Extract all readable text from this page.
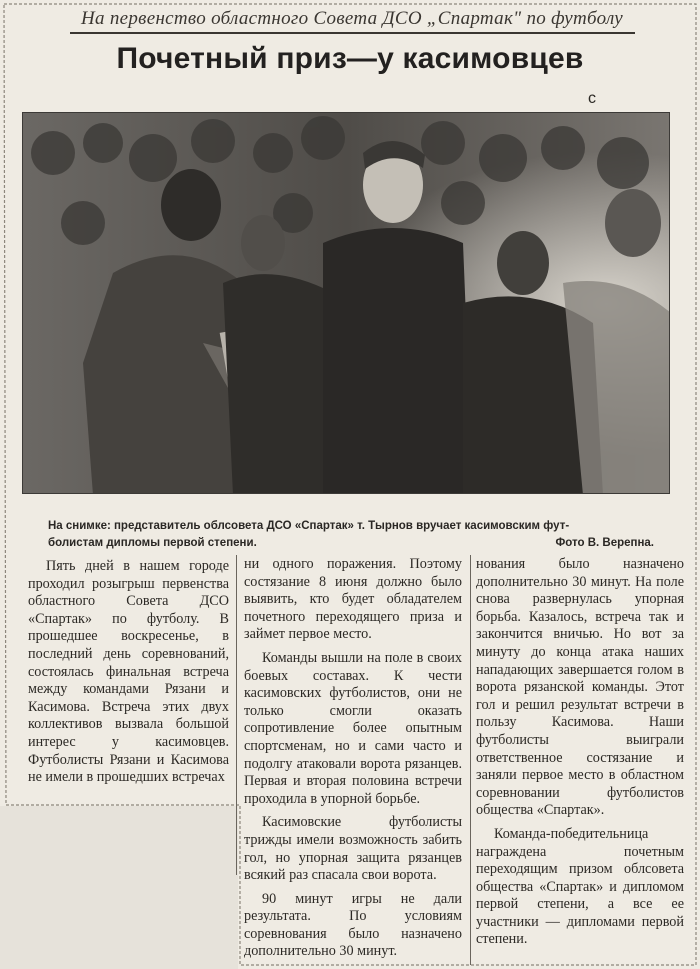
На первенство областного Совета ДСО „Спартак" по футболу
Почетный приз—у касимовцев
с
На снимке: представитель облсовета ДСО «Спартак» т. Тырнов вручает касимовским фут-
болистам дипломы первой степени.	Фото В. Верепна.

Пять дней в нашем городе проходил розыгрыш первенства областного Совета ДСО «Спартак» по футболу. В прошедшее воскресенье, в последний день соревнований, состоялась финальная встреча между командами Рязани и Касимова. Встреча этих двух коллективов вызвала большой интерес у касимовцев. Футболисты Рязани и Касимова не имели в прошедших встречах

ни одного поражения. Поэтому состязание 8 июня должно было выявить, кто будет обладателем почетного переходящего приза и займет первое место.

Команды вышли на поле в своих боевых составах. К чести касимовских футболистов, они не только смогли оказать сопротивление более опытным спортсменам, но и сами часто и подолгу атаковали ворота рязанцев. Первая и вторая половина встречи проходила в упорной борьбе.

Касимовские футболисты трижды имели возможность забить гол, но упорная защита рязанцев всякий раз спасала свои ворота.

90 минут игры не дали результата. По условиям соревнования было назначено дополнительно 30 минут.

нования было назначено дополнительно 30 минут. На поле снова развернулась упорная борьба. Казалось, встреча так и закончится вничью. Но вот за минуту до конца атака наших нападающих завершается голом в ворота рязанской команды. Этот гол и решил результат встречи в пользу Касимова. Наши футболисты выиграли ответственное состязание и заняли первое место в областном соревновании футболистов общества «Спартак».

Команда-победительница награждена почетным переходящим призом облсовета общества «Спартак» и дипломом первой степени, а все ее участники — дипломами первой степени.
